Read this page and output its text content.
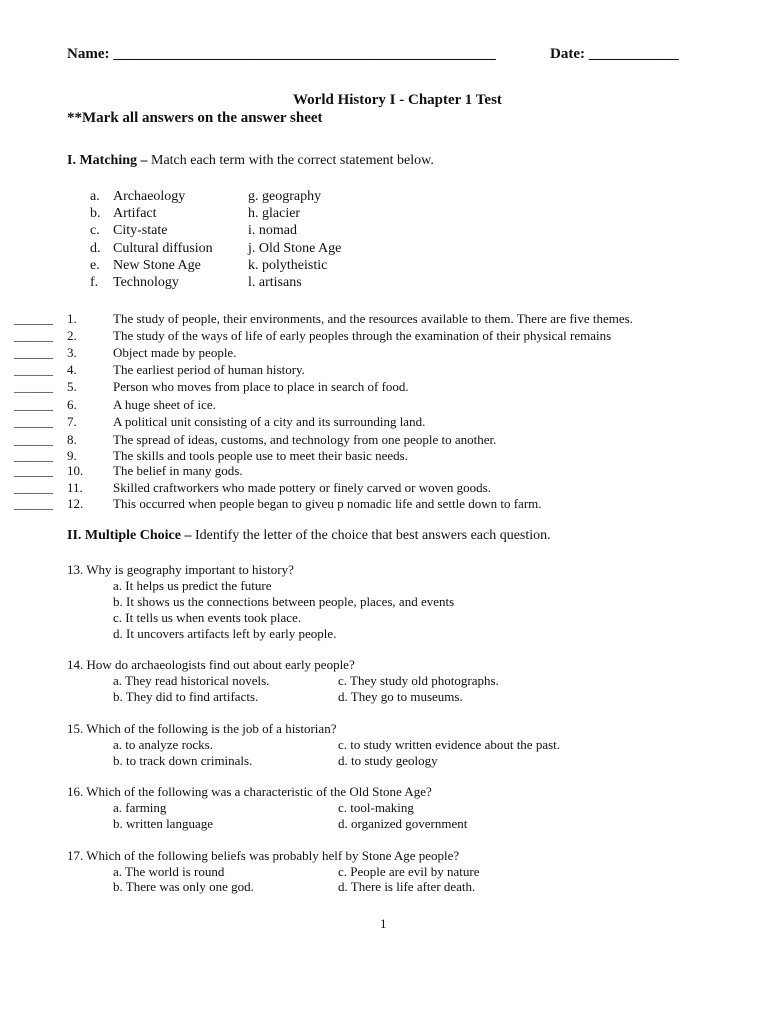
Name: ___________________________________________________	Date: ____________
World History I - Chapter 1 Test
**Mark all answers on the answer sheet
I. Matching – Match each term with the correct statement below.
a. Archaeology	g. geography
b. Artifact	h. glacier
c. City-state	i. nomad
d. Cultural diffusion	j. Old Stone Age
e. New Stone Age	k. polytheistic
f. Technology	l. artisans
______ 1.	The study of people, their environments, and the resources available to them. There are five themes.
______ 2.	The study of the ways of life of early peoples through the examination of their physical remains
______ 3.	Object made by people.
______ 4.	The earliest period of human history.
______ 5.	Person who moves from place to place in search of food.
______ 6.	A huge sheet of ice.
______ 7.	A political unit consisting of a city and its surrounding land.
______ 8.	The spread of ideas, customs, and technology from one people to another.
______ 9.	The skills and tools people use to meet their basic needs.
______ 10. The belief in many gods.
______ 11. Skilled craftworkers who made pottery or finely carved or woven goods.
______ 12. This occurred when people began to giveu p nomadic life and settle down to farm.
II. Multiple Choice – Identify the letter of the choice that best answers each question.
13. Why is geography important to history?
a. It helps us predict the future
b. It shows us the connections between people, places, and events
c. It tells us when events took place.
d. It uncovers artifacts left by early people.
14. How do archaeologists find out about early people?
a. They read historical novels.	c. They study old photographs.
b. They did to find artifacts.	d. They go to museums.
15. Which of the following is the job of a historian?
a. to analyze rocks.	c. to study written evidence about the past.
b. to track down criminals.	d. to study geology
16. Which of the following was a characteristic of the Old Stone Age?
a. farming	c. tool-making
b. written language	d. organized government
17. Which of the following beliefs was probably helf by Stone Age people?
a. The world is round	c. People are evil by nature
b. There was only one god.	d. There is life after death.
1
